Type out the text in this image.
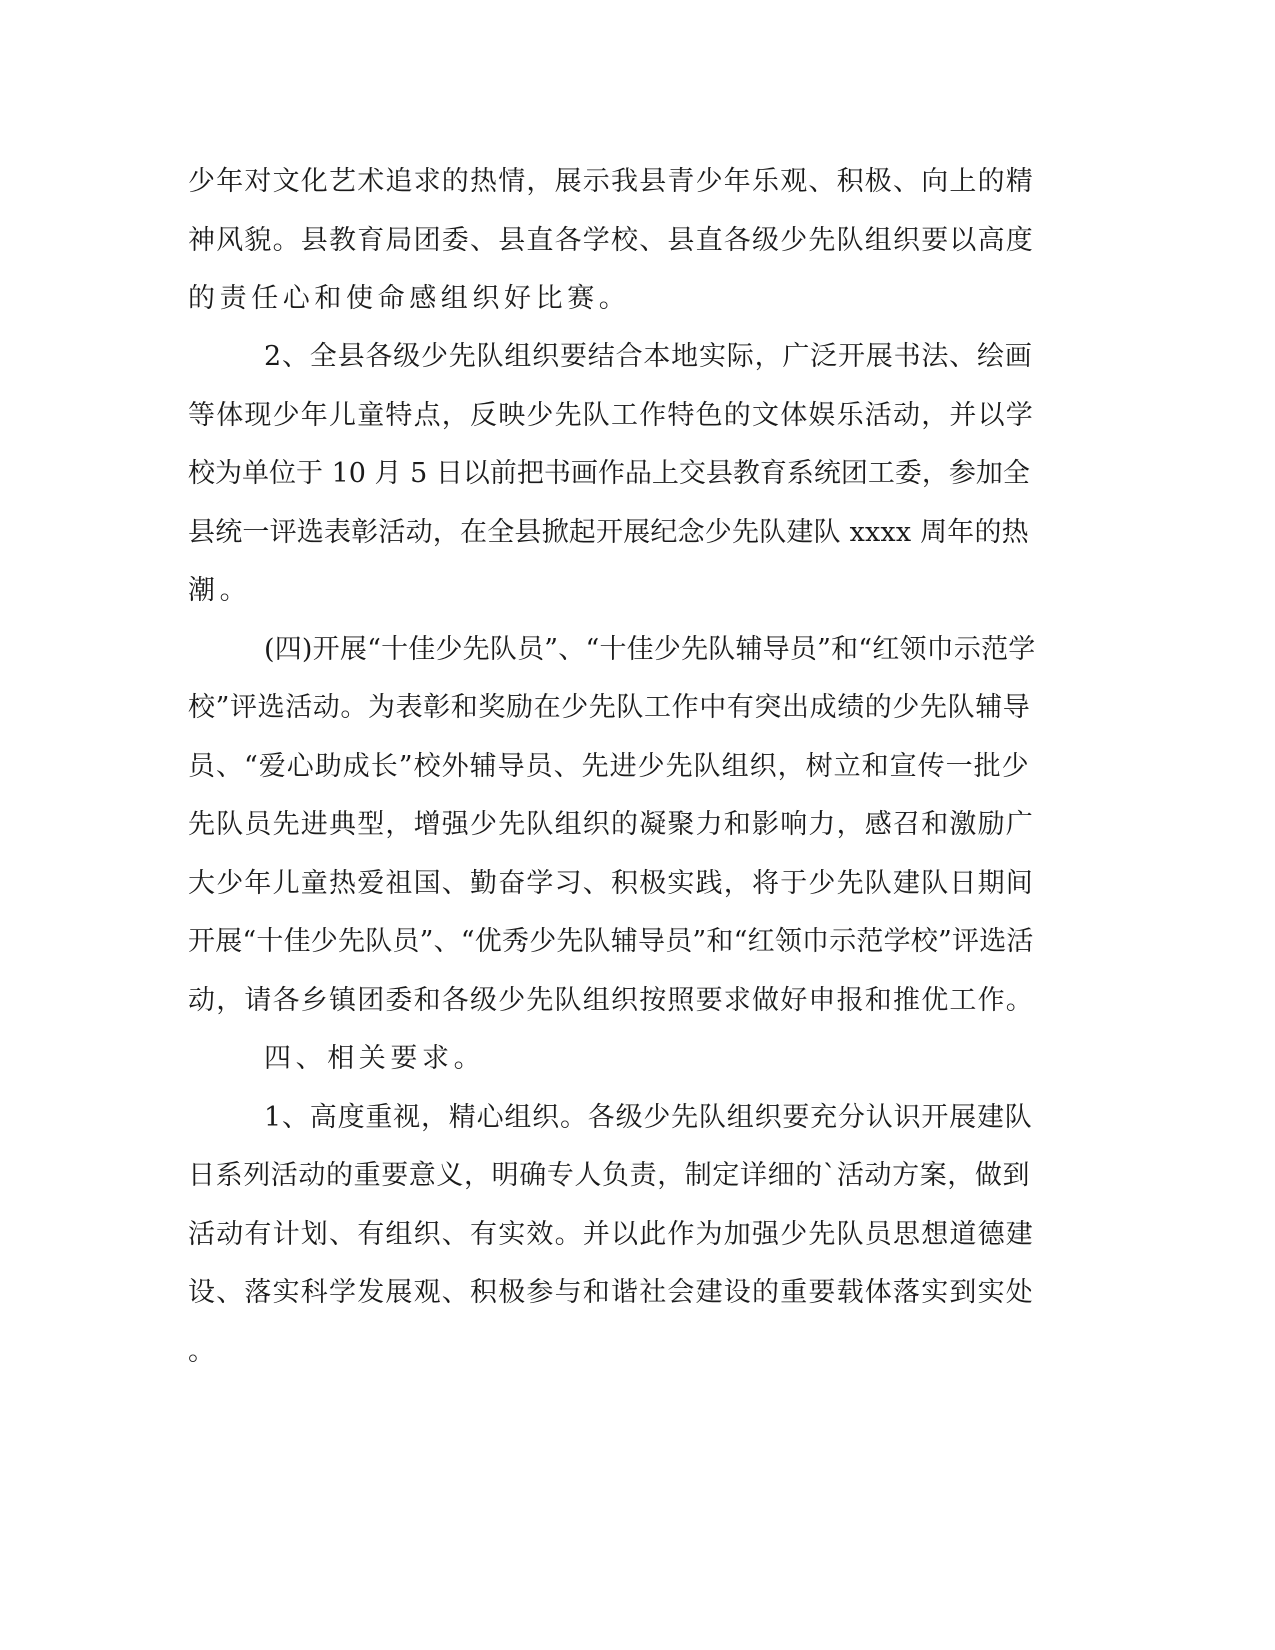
少年对文化艺术追求的热情，展示我县青少年乐观、积极、向上的精
神风貌。县教育局团委、县直各学校、县直各级少先队组织要以高度
的责任心和使命感组织好比赛。
2、全县各级少先队组织要结合本地实际，广泛开展书法、绘画
等体现少年儿童特点，反映少先队工作特色的文体娱乐活动，并以学
校为单位于 10 月 5 日以前把书画作品上交县教育系统团工委，参加全
县统一评选表彰活动，在全县掀起开展纪念少先队建队 xxxx 周年的热
潮。
(四)开展“十佳少先队员”、“十佳少先队辅导员”和“红领巾示范学
校”评选活动。为表彰和奖励在少先队工作中有突出成绩的少先队辅导
员、“爱心助成长”校外辅导员、先进少先队组织，树立和宣传一批少
先队员先进典型，增强少先队组织的凝聚力和影响力，感召和激励广
大少年儿童热爱祖国、勤奋学习、积极实践，将于少先队建队日期间
开展“十佳少先队员”、“优秀少先队辅导员”和“红领巾示范学校”评选活
动，请各乡镇团委和各级少先队组织按照要求做好申报和推优工作。
四、相关要求。
1、高度重视，精心组织。各级少先队组织要充分认识开展建队
日系列活动的重要意义，明确专人负责，制定详细的`活动方案，做到
活动有计划、有组织、有实效。并以此作为加强少先队员思想道德建
设、落实科学发展观、积极参与和谐社会建设的重要载体落实到实处
。
